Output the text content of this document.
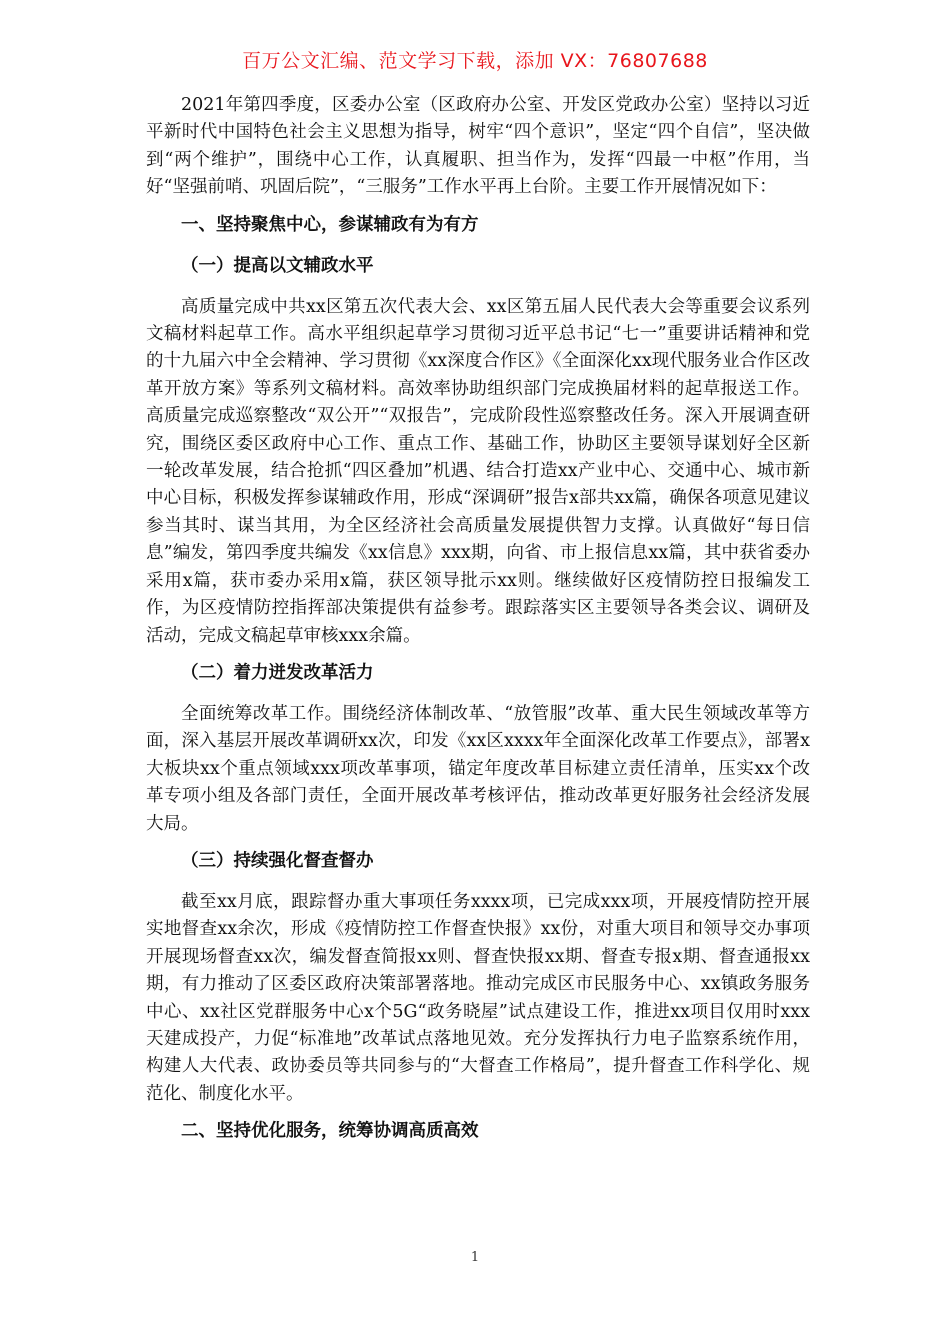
百万公文汇编、范文学习下载，添加 VX：76807688

2021年第四季度，区委办公室（区政府办公室、开发区党政办公室）坚持以习近平新时代中国特色社会主义思想为指导，树牢“四个意识”，坚定“四个自信”，坚决做到“两个维护”，围绕中心工作，认真履职、担当作为，发挥“四最一中枢”作用，当好“坚强前哨、巩固后院”，“三服务”工作水平再上台阶。主要工作开展情况如下：

一、坚持聚焦中心，参谋辅政有为有方
（一）提高以文辅政水平

高质量完成中共xx区第五次代表大会、xx区第五届人民代表大会等重要会议系列文稿材料起草工作。高水平组织起草学习贯彻习近平总书记“七一”重要讲话精神和党的十九届六中全会精神、学习贯彻《xx深度合作区》《全面深化xx现代服务业合作区改革开放方案》等系列文稿材料。高效率协助组织部门完成换届材料的起草报送工作。高质量完成巡察整改“双公开”“双报告”，完成阶段性巡察整改任务。深入开展调查研究，围绕区委区政府中心工作、重点工作、基础工作，协助区主要领导谋划好全区新一轮改革发展，结合抢抓“四区叠加”机遇、结合打造xx产业中心、交通中心、城市新中心目标，积极发挥参谋辅政作用，形成“深调研”报告x部共xx篇，确保各项意见建议参当其时、谋当其用，为全区经济社会高质量发展提供智力支撑。认真做好“每日信息”编发，第四季度共编发《xx信息》xxx期，向省、市上报信息xx篇，其中获省委办采用x篇，获市委办采用x篇，获区领导批示xx则。继续做好区疫情防控日报编发工作，为区疫情防控指挥部决策提供有益参考。跟踪落实区主要领导各类会议、调研及活动，完成文稿起草审核xxx余篇。

（二）着力迸发改革活力

全面统筹改革工作。围绕经济体制改革、“放管服”改革、重大民生领域改革等方面，深入基层开展改革调研xx次，印发《xx区xxxx年全面深化改革工作要点》，部署x大板块xx个重点领域xxx项改革事项，锚定年度改革目标建立责任清单，压实xx个改革专项小组及各部门责任，全面开展改革考核评估，推动改革更好服务社会经济发展大局。

（三）持续强化督查督办

截至xx月底，跟踪督办重大事项任务xxxx项，已完成xxx项，开展疫情防控开展实地督查xx余次，形成《疫情防控工作督查快报》xx份，对重大项目和领导交办事项开展现场督查xx次，编发督查简报xx则、督查快报xx期、督查专报x期、督查通报xx期，有力推动了区委区政府决策部署落地。推动完成区市民服务中心、xx镇政务服务中心、xx社区党群服务中心x个5G“政务晓屋”试点建设工作，推进xx项目仅用时xxx天建成投产，力促“标准地”改革试点落地见效。充分发挥执行力电子监察系统作用，构建人大代表、政协委员等共同参与的“大督查工作格局”，提升督查工作科学化、规范化、制度化水平。

二、坚持优化服务，统筹协调高质高效
1
